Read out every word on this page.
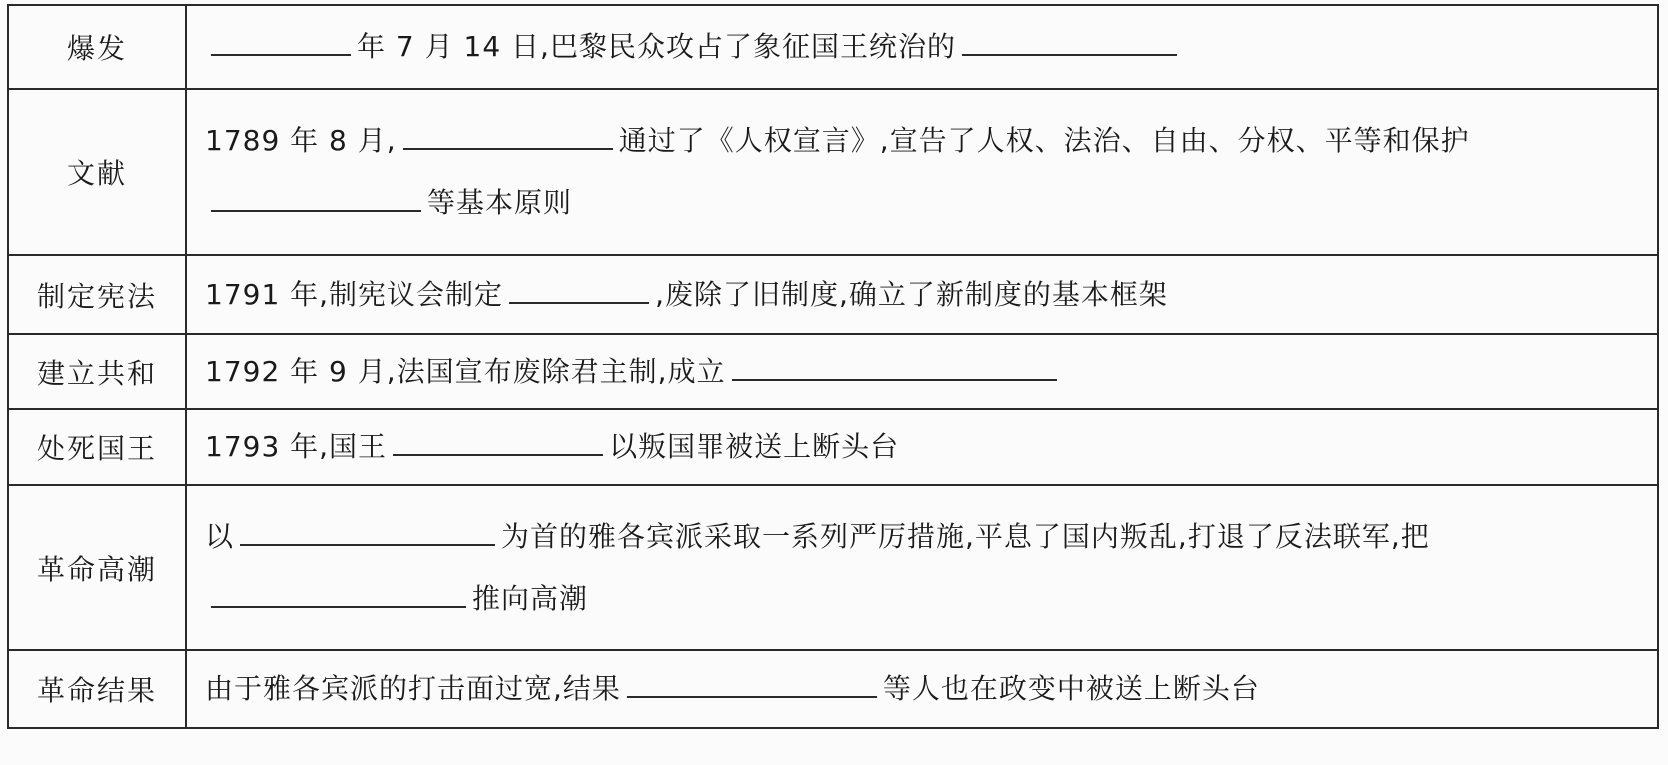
爆发	年 7 月 14 日,巴黎民众攻占了象征国王统治的
文献	1789 年 8 月, 通过了《人权宣言》,宣告了人权、法治、自由、分权、平等和保护等基本原则
制定宪法	1791 年,制宪议会制定 ,废除了旧制度,确立了新制度的基本框架
建立共和	1792 年 9 月,法国宣布废除君主制,成立
处死国王	1793 年,国王 以叛国罪被送上断头台
革命高潮	以 为首的雅各宾派采取一系列严厉措施,平息了国内叛乱,打退了反法联军,把推向高潮
革命结果	由于雅各宾派的打击面过宽,结果 等人也在政变中被送上断头台
